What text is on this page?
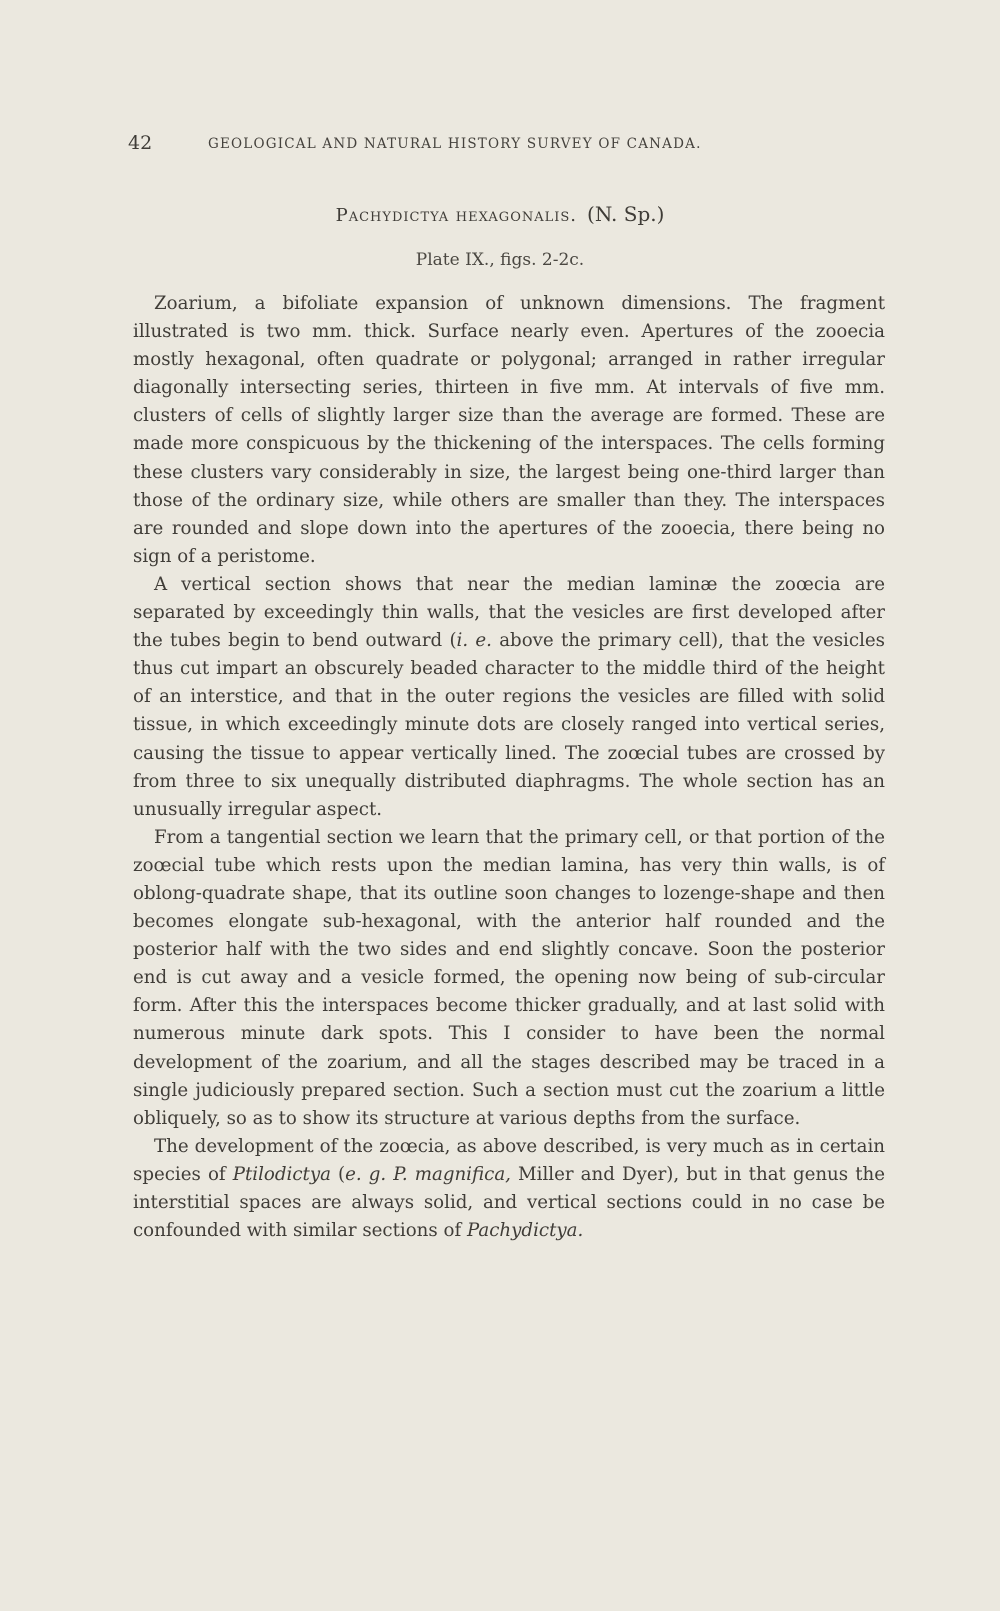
42	GEOLOGICAL AND NATURAL HISTORY SURVEY OF CANADA.
Pachydictya hexagonalis. (N. Sp.)
Plate IX., figs. 2-2c.

Zoarium, a bifoliate expansion of unknown dimensions. The fragment illustrated is two mm. thick. Surface nearly even. Apertures of the zooecia mostly hexagonal, often quadrate or polygonal; arranged in rather irregular diagonally intersecting series, thirteen in five mm. At intervals of five mm. clusters of cells of slightly larger size than the average are formed. These are made more conspicuous by the thickening of the interspaces. The cells forming these clusters vary considerably in size, the largest being one-third larger than those of the ordinary size, while others are smaller than they. The interspaces are rounded and slope down into the apertures of the zooecia, there being no sign of a peristome.

A vertical section shows that near the median laminæ the zoœcia are separated by exceedingly thin walls, that the vesicles are first developed after the tubes begin to bend outward (i. e. above the primary cell), that the vesicles thus cut impart an obscurely beaded character to the middle third of the height of an interstice, and that in the outer regions the vesicles are filled with solid tissue, in which exceedingly minute dots are closely ranged into vertical series, causing the tissue to appear vertically lined. The zoœcial tubes are crossed by from three to six unequally distributed diaphragms. The whole section has an unusually irregular aspect.

From a tangential section we learn that the primary cell, or that portion of the zoœcial tube which rests upon the median lamina, has very thin walls, is of oblong-quadrate shape, that its outline soon changes to lozenge-shape and then becomes elongate sub-hexagonal, with the anterior half rounded and the posterior half with the two sides and end slightly concave. Soon the posterior end is cut away and a vesicle formed, the opening now being of sub-circular form. After this the interspaces become thicker gradually, and at last solid with numerous minute dark spots. This I consider to have been the normal development of the zoarium, and all the stages described may be traced in a single judiciously prepared section. Such a section must cut the zoarium a little obliquely, so as to show its structure at various depths from the surface.

The development of the zoœcia, as above described, is very much as in certain species of Ptilodictya (e. g. P. magnifica, Miller and Dyer), but in that genus the interstitial spaces are always solid, and vertical sections could in no case be confounded with similar sections of Pachydictya.
